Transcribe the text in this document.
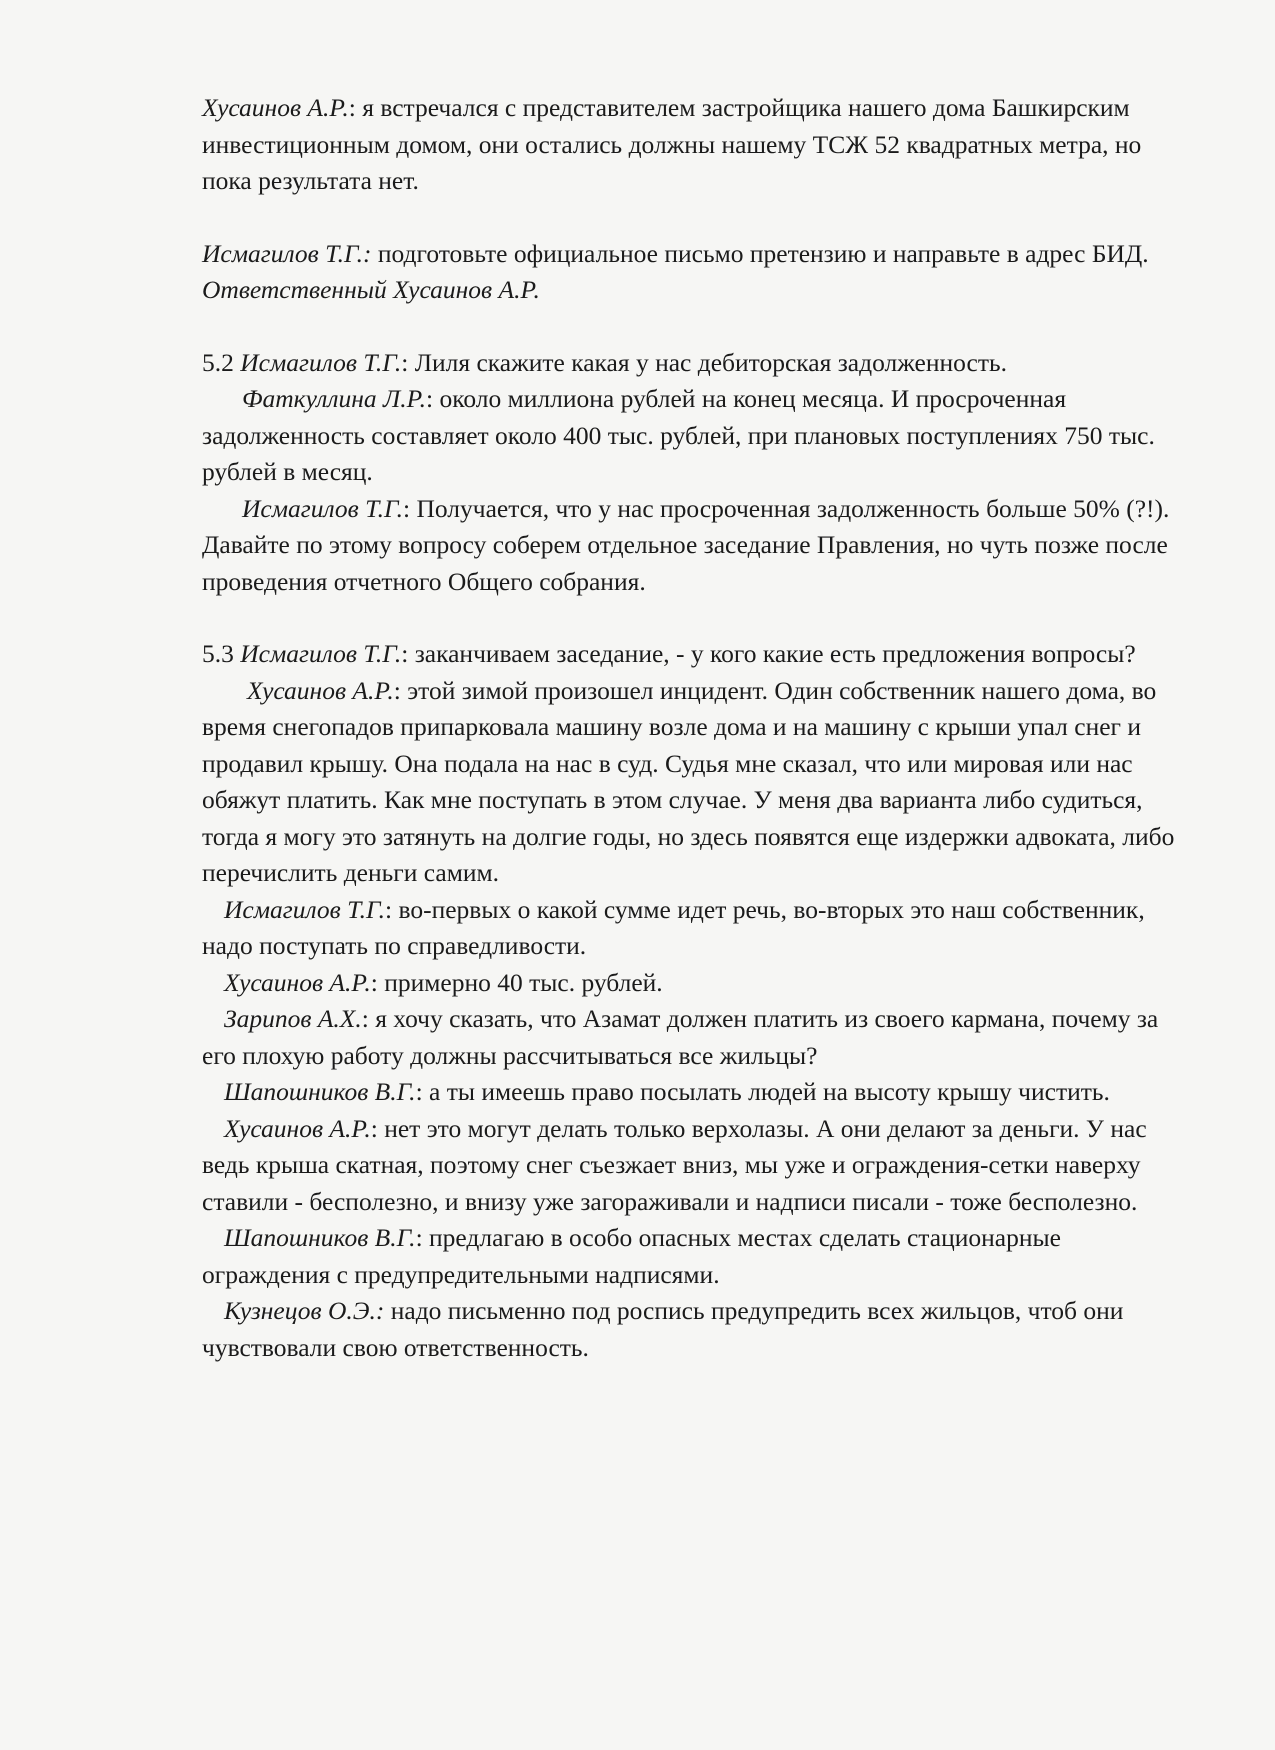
Хусаинов А.Р.: я встречался с представителем застройщика нашего дома Башкирским инвестиционным домом, они остались должны нашему ТСЖ 52 квадратных метра, но пока результата нет.

Исмагилов Т.Г.: подготовьте официальное письмо претензию и направьте в адрес БИД.

Ответственный Хусаинов А.Р.

5.2 Исмагилов Т.Г.: Лиля скажите какая у нас дебиторская задолженность.

Фаткуллина Л.Р.: около миллиона рублей на конец месяца. И просроченная задолженность составляет около 400 тыс. рублей, при плановых поступлениях 750 тыс. рублей в месяц.

Исмагилов Т.Г.: Получается, что у нас просроченная задолженность больше 50% (?!). Давайте по этому вопросу соберем отдельное заседание Правления, но чуть позже после проведения отчетного Общего собрания.

5.3 Исмагилов Т.Г.: заканчиваем заседание, - у кого какие есть предложения вопросы?

Хусаинов А.Р.: этой зимой произошел инцидент. Один собственник нашего дома, во время снегопадов припарковала машину возле дома и на машину с крыши упал снег и продавил крышу. Она подала на нас в суд. Судья мне сказал, что или мировая или нас обяжут платить. Как мне поступать в этом случае. У меня два варианта либо судиться, тогда я могу это затянуть на долгие годы, но здесь появятся еще издержки адвоката, либо перечислить деньги самим.

Исмагилов Т.Г.: во-первых о какой сумме идет речь, во-вторых это наш собственник, надо поступать по справедливости.

Хусаинов А.Р.: примерно 40 тыс. рублей.

Зарипов А.Х.: я хочу сказать, что Азамат должен платить из своего кармана, почему за его плохую работу должны рассчитываться все жильцы?

Шапошников В.Г.: а ты имеешь право посылать людей на высоту крышу чистить.

Хусаинов А.Р.: нет это могут делать только верхолазы. А они делают за деньги. У нас ведь крыша скатная, поэтому снег съезжает вниз, мы уже и ограждения-сетки наверху ставили - бесполезно, и внизу уже загораживали и надписи писали - тоже бесполезно.

Шапошников В.Г.: предлагаю в особо опасных местах сделать стационарные ограждения с предупредительными надписями.

Кузнецов О.Э.: надо письменно под роспись предупредить всех жильцов, чтоб они чувствовали свою ответственность.
